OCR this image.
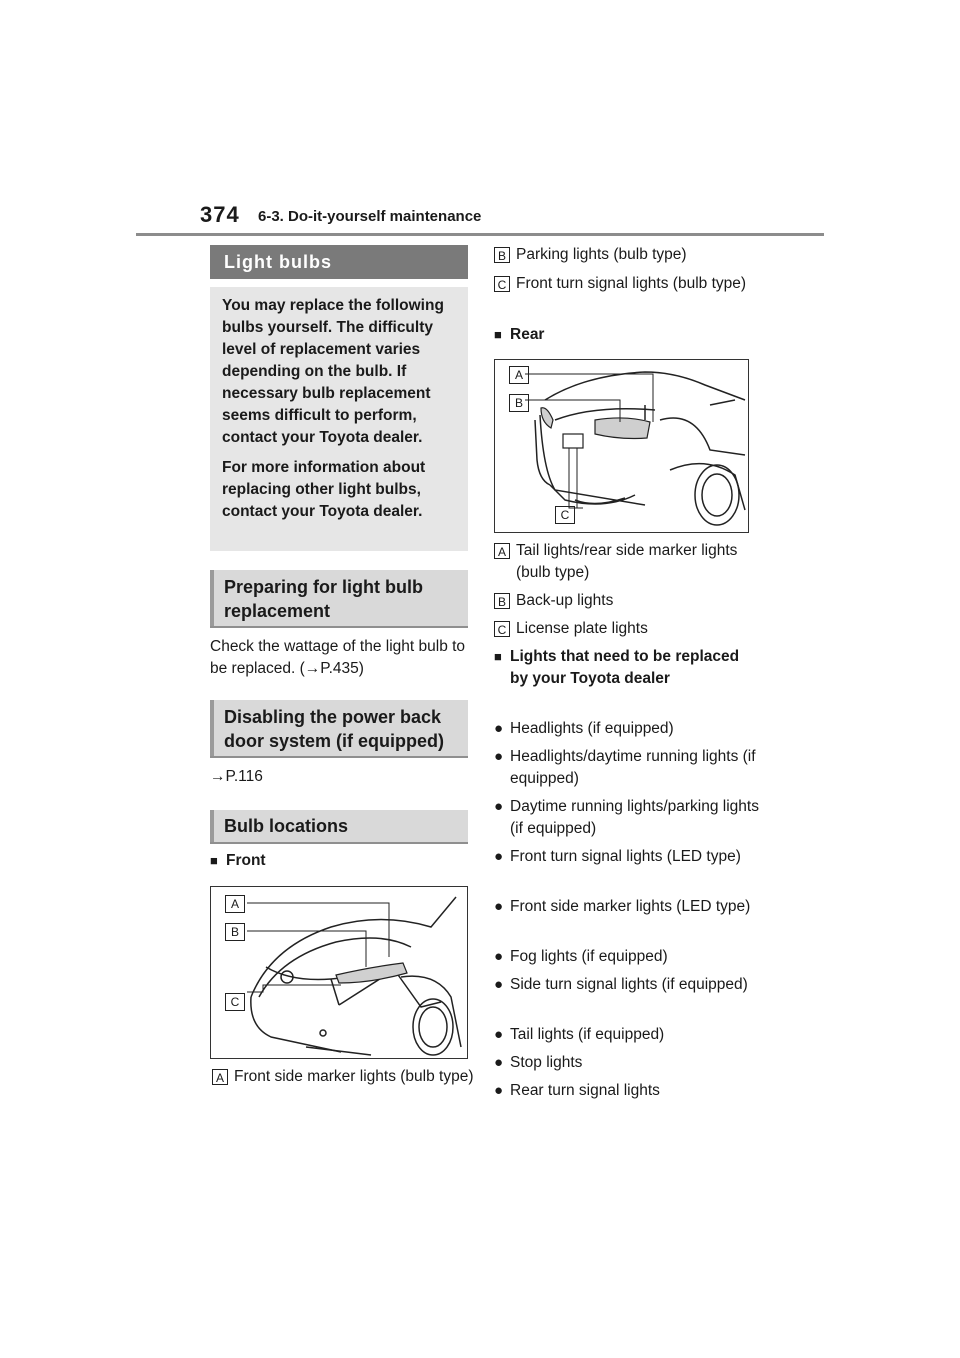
374 6-3. Do-it-yourself maintenance
Light bulbs

You may replace the following bulbs yourself. The difficulty level of replacement varies depending on the bulb. If necessary bulb replacement seems difficult to perform, contact your Toyota dealer.

For more information about replacing other light bulbs, contact your Toyota dealer.

Preparing for light bulb replacement
Check the wattage of the light bulb to be replaced. (→P.435)
Disabling the power back door system (if equipped)
→P.116
Bulb locations
■ Front
A
B
C
A Front side marker lights (bulb type)
B Parking lights (bulb type)
C Front turn signal lights (bulb type)
■ Rear
A
B
C
A Tail lights/rear side marker lights (bulb type)
B Back-up lights
C License plate lights
■ Lights that need to be replaced by your Toyota dealer
● Headlights (if equipped)
● Headlights/daytime running lights (if equipped)
● Daytime running lights/parking lights (if equipped)
● Front turn signal lights (LED type)
● Front side marker lights (LED type)
● Fog lights (if equipped)
● Side turn signal lights (if equipped)
● Tail lights (if equipped)
● Stop lights
● Rear turn signal lights
